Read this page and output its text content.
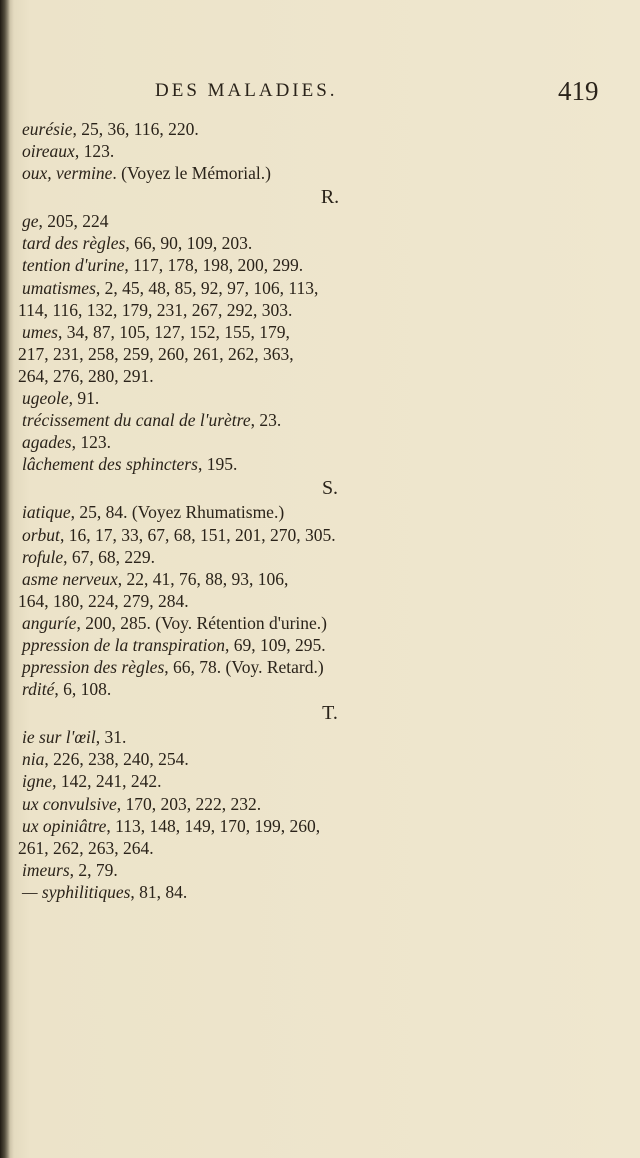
DES MALADIES.	419
eurésie, 25, 36, 116, 220.
oireaux, 123.
oux, vermine. (Voyez le Mémorial.)
R.
ge, 205, 224
tard des règles, 66, 90, 109, 203.
tention d'urine, 117, 178, 198, 200, 299.
umatismes, 2, 45, 48, 85, 92, 97, 106, 113,
114, 116, 132, 179, 231, 267, 292, 303.
umes, 34, 87, 105, 127, 152, 155, 179,
217, 231, 258, 259, 260, 261, 262, 363,
264, 276, 280, 291.
ugeole, 91.
trécissement du canal de l'urètre, 23.
agades, 123.
lâchement des sphincters, 195.
S.
iatique, 25, 84. (Voyez Rhumatisme.)
orbut, 16, 17, 33, 67, 68, 151, 201, 270, 305.
rofule, 67, 68, 229.
asme nerveux, 22, 41, 76, 88, 93, 106,
164, 180, 224, 279, 284.
anguríe, 200, 285. (Voy. Rétention d'urine.)
ppression de la transpiration, 69, 109, 295.
ppression des règles, 66, 78. (Voy. Retard.)
rdité, 6, 108.
T.
ie sur l'œil, 31.
nia, 226, 238, 240, 254.
igne, 142, 241, 242.
ux convulsive, 170, 203, 222, 232.
ux opiniâtre, 113, 148, 149, 170, 199, 260,
261, 262, 263, 264.
imeurs, 2, 79.
— syphilitiques, 81, 84.
